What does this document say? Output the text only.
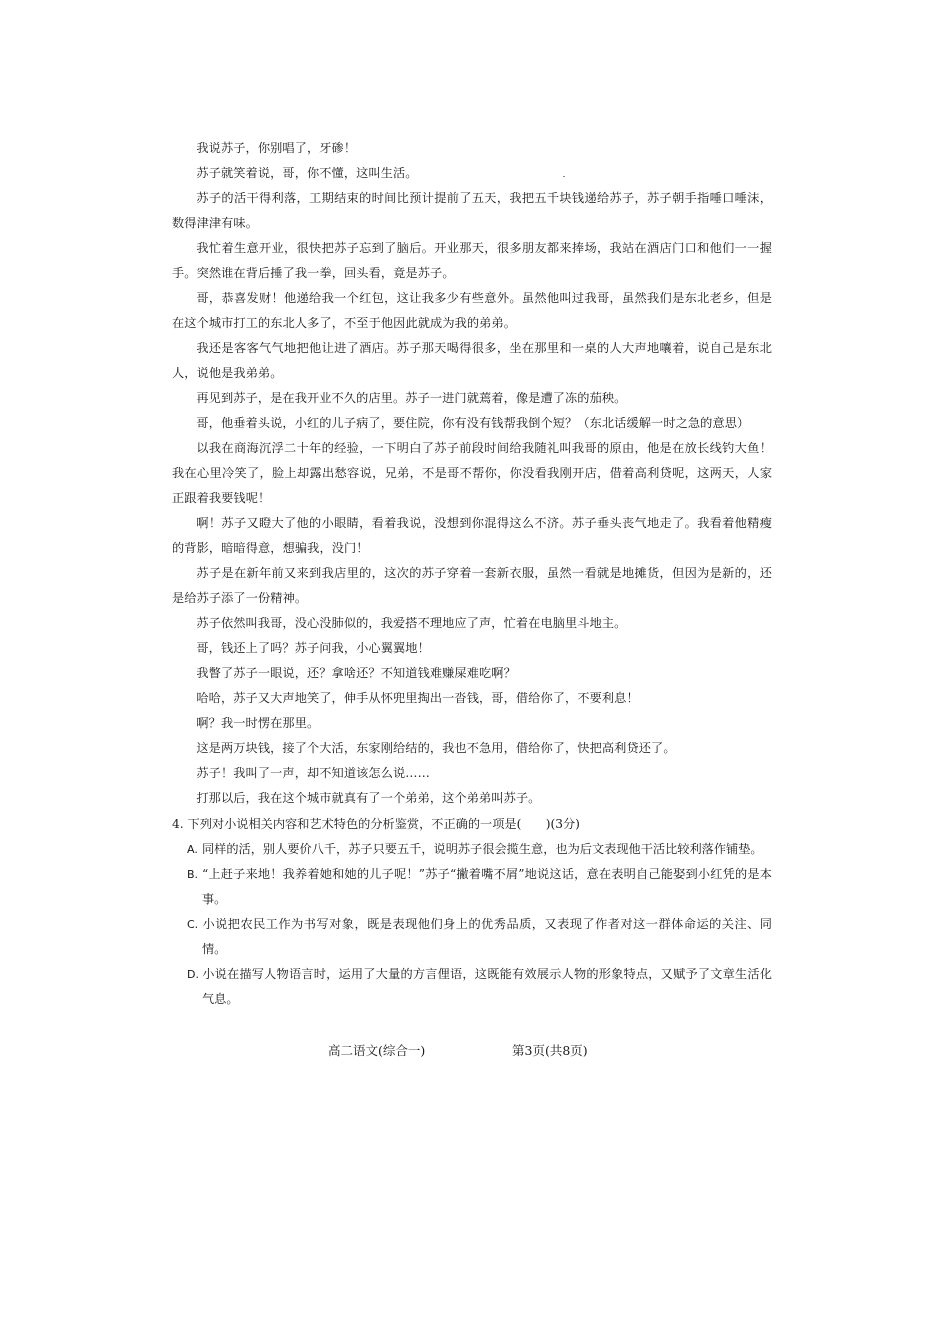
我说苏子，你别唱了，牙碜！

苏子就笑着说，哥，你不懂，这叫生活。

苏子的活干得利落，工期结束的时间比预计提前了五天，我把五千块钱递给苏子，苏子朝手指唾口唾沫，数得津津有味。

我忙着生意开业，很快把苏子忘到了脑后。开业那天，很多朋友都来捧场，我站在酒店门口和他们一一握手。突然谁在背后捶了我一拳，回头看，竟是苏子。

哥，恭喜发财！他递给我一个红包，这让我多少有些意外。虽然他叫过我哥，虽然我们是东北老乡，但是在这个城市打工的东北人多了，不至于他因此就成为我的弟弟。

我还是客客气气地把他让进了酒店。苏子那天喝得很多，坐在那里和一桌的人大声地嚷着，说自己是东北人，说他是我弟弟。

再见到苏子，是在我开业不久的店里。苏子一进门就蔫着，像是遭了冻的茄秧。

哥，他垂着头说，小红的儿子病了，要住院，你有没有钱帮我倒个短？（东北话缓解一时之急的意思）

以我在商海沉浮二十年的经验，一下明白了苏子前段时间给我随礼叫我哥的原由，他是在放长线钓大鱼！我在心里冷笑了，脸上却露出愁容说，兄弟，不是哥不帮你，你没看我刚开店，借着高利贷呢，这两天，人家正跟着我要钱呢！

啊！苏子又瞪大了他的小眼睛，看着我说，没想到你混得这么不济。苏子垂头丧气地走了。我看着他精瘦的背影，暗暗得意，想骗我，没门！

苏子是在新年前又来到我店里的，这次的苏子穿着一套新衣服，虽然一看就是地摊货，但因为是新的，还是给苏子添了一份精神。

苏子依然叫我哥，没心没肺似的，我爱搭不理地应了声，忙着在电脑里斗地主。

哥，钱还上了吗？苏子问我，小心翼翼地！

我瞥了苏子一眼说，还？拿啥还？不知道钱难赚屎难吃啊？

哈哈，苏子又大声地笑了，伸手从怀兜里掏出一沓钱，哥，借给你了，不要利息！

啊？我一时愣在那里。

这是两万块钱，接了个大活，东家刚给结的，我也不急用，借给你了，快把高利贷还了。

苏子！我叫了一声，却不知道该怎么说……

打那以后，我在这个城市就真有了一个弟弟，这个弟弟叫苏子。

4. 下列对小说相关内容和艺术特色的分析鉴赏，不正确的一项是(　　)(3分)

A. 同样的活，别人要价八千，苏子只要五千，说明苏子很会揽生意，也为后文表现他干活比较利落作铺垫。

B. “上赶子来地！我养着她和她的儿子呢！”苏子“撇着嘴不屑”地说这话，意在表明自己能娶到小红凭的是本事。

C. 小说把农民工作为书写对象，既是表现他们身上的优秀品质，又表现了作者对这一群体命运的关注、同情。

D. 小说在描写人物语言时，运用了大量的方言俚语，这既能有效展示人物的形象特点，又赋予了文章生活化气息。

高二语文(综合一)	第3页(共8页)
